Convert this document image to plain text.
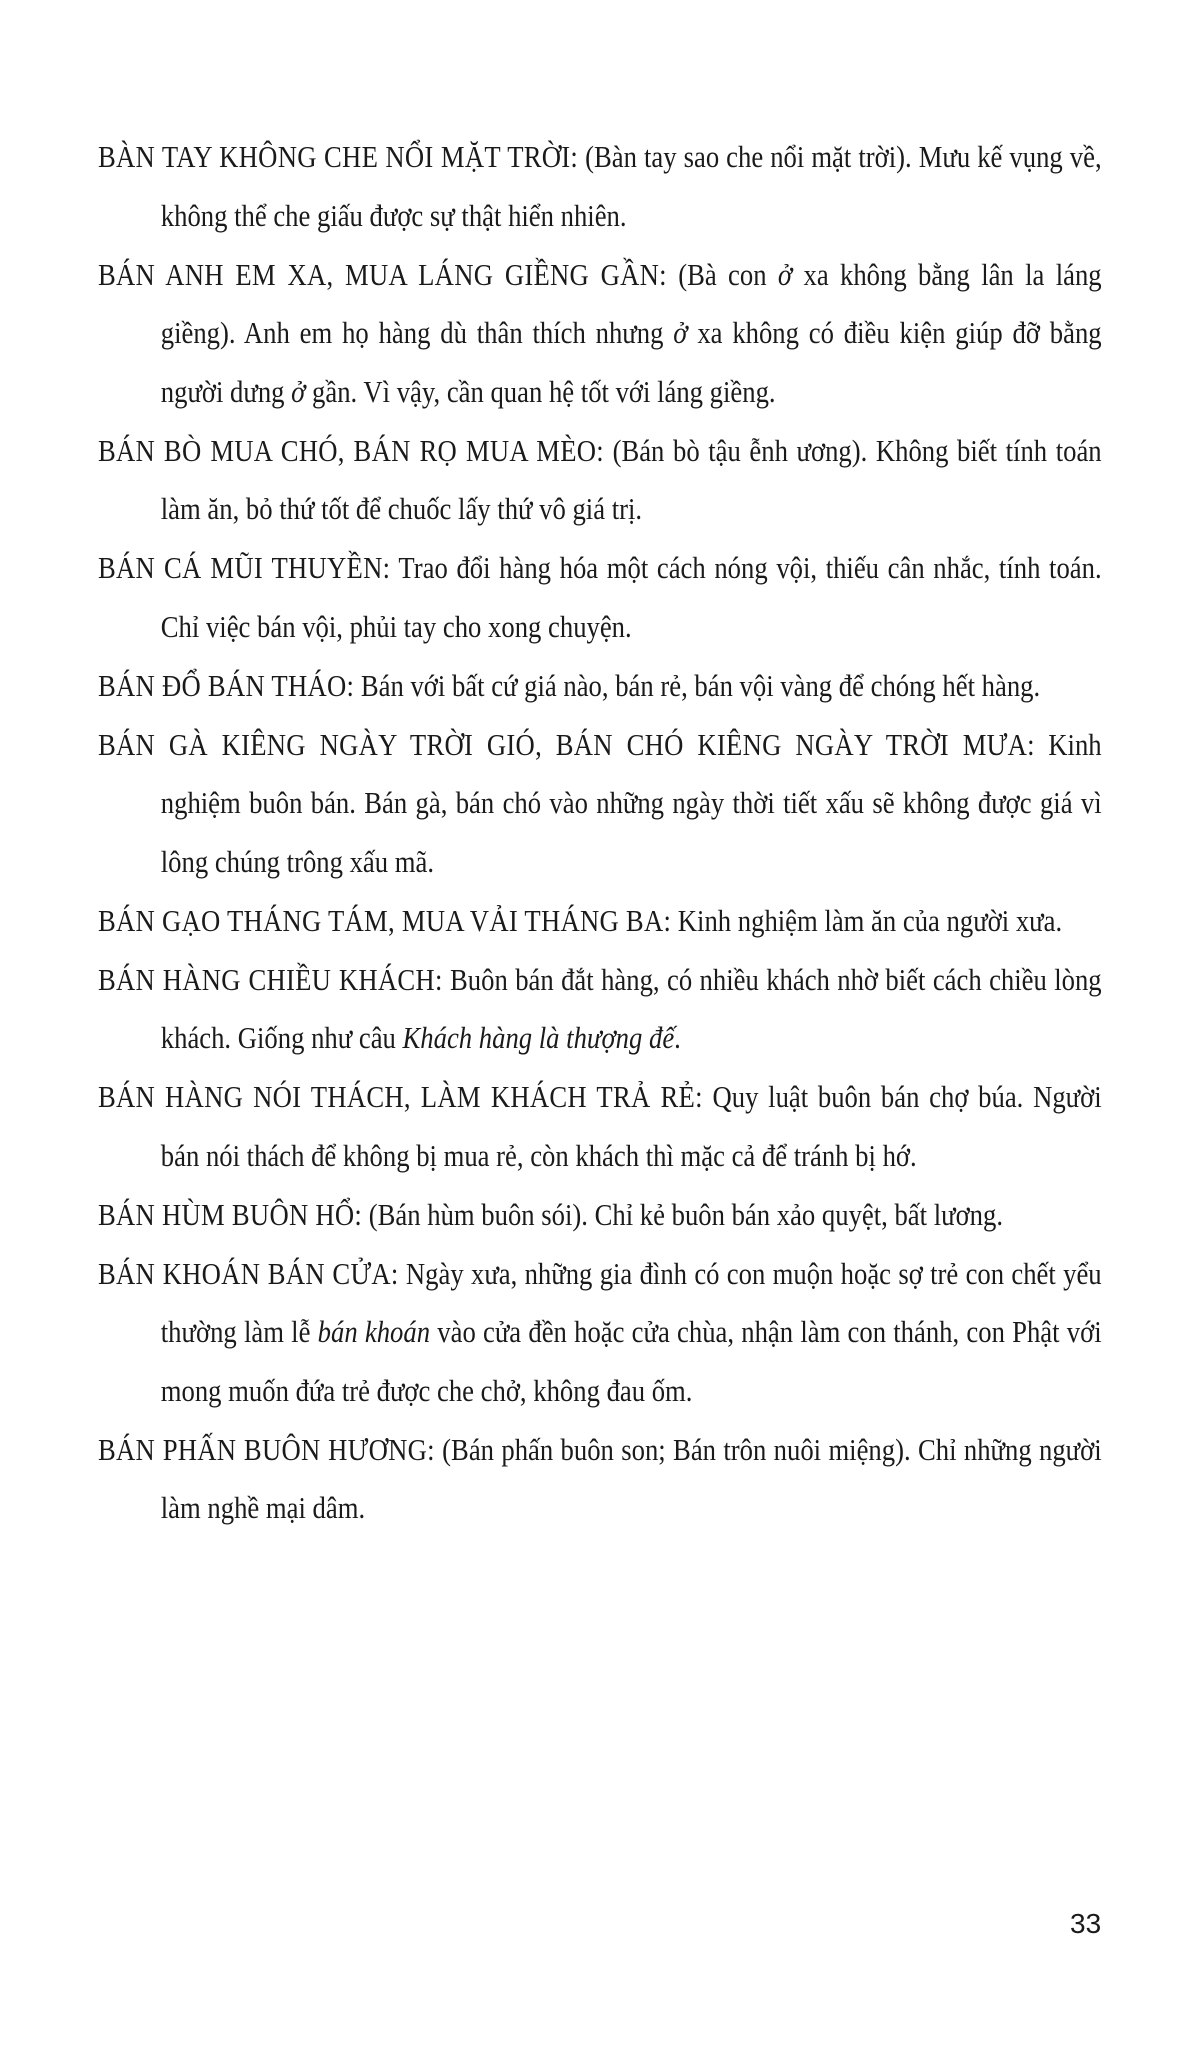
BÀN TAY KHÔNG CHE NỔI MẶT TRỜI: (Bàn tay sao che nổi mặt trời). Mưu kế vụng về, không thể che giấu được sự thật hiển nhiên.

BÁN ANH EM XA, MUA LÁNG GIỀNG GẦN: (Bà con ở xa không bằng lân la láng giềng). Anh em họ hàng dù thân thích nhưng ở xa không có điều kiện giúp đỡ bằng người dưng ở gần. Vì vậy, cần quan hệ tốt với láng giềng.

BÁN BÒ MUA CHÓ, BÁN RỌ MUA MÈO: (Bán bò tậu ễnh ương). Không biết tính toán làm ăn, bỏ thứ tốt để chuốc lấy thứ vô giá trị.

BÁN CÁ MŨI THUYỀN: Trao đổi hàng hóa một cách nóng vội, thiếu cân nhắc, tính toán. Chỉ việc bán vội, phủi tay cho xong chuyện.

BÁN ĐỔ BÁN THÁO: Bán với bất cứ giá nào, bán rẻ, bán vội vàng để chóng hết hàng.

BÁN GÀ KIÊNG NGÀY TRỜI GIÓ, BÁN CHÓ KIÊNG NGÀY TRỜI MƯA: Kinh nghiệm buôn bán. Bán gà, bán chó vào những ngày thời tiết xấu sẽ không được giá vì lông chúng trông xấu mã.

BÁN GẠO THÁNG TÁM, MUA VẢI THÁNG BA: Kinh nghiệm làm ăn của người xưa.

BÁN HÀNG CHIỀU KHÁCH: Buôn bán đắt hàng, có nhiều khách nhờ biết cách chiều lòng khách. Giống như câu Khách hàng là thượng đế.

BÁN HÀNG NÓI THÁCH, LÀM KHÁCH TRẢ RẺ: Quy luật buôn bán chợ búa. Người bán nói thách để không bị mua rẻ, còn khách thì mặc cả để tránh bị hớ.

BÁN HÙM BUÔN HỔ: (Bán hùm buôn sói). Chỉ kẻ buôn bán xảo quyệt, bất lương.

BÁN KHOÁN BÁN CỬA: Ngày xưa, những gia đình có con muộn hoặc sợ trẻ con chết yểu thường làm lễ bán khoán vào cửa đền hoặc cửa chùa, nhận làm con thánh, con Phật với mong muốn đứa trẻ được che chở, không đau ốm.

BÁN PHẤN BUÔN HƯƠNG: (Bán phấn buôn son; Bán trôn nuôi miệng). Chỉ những người làm nghề mại dâm.

33
